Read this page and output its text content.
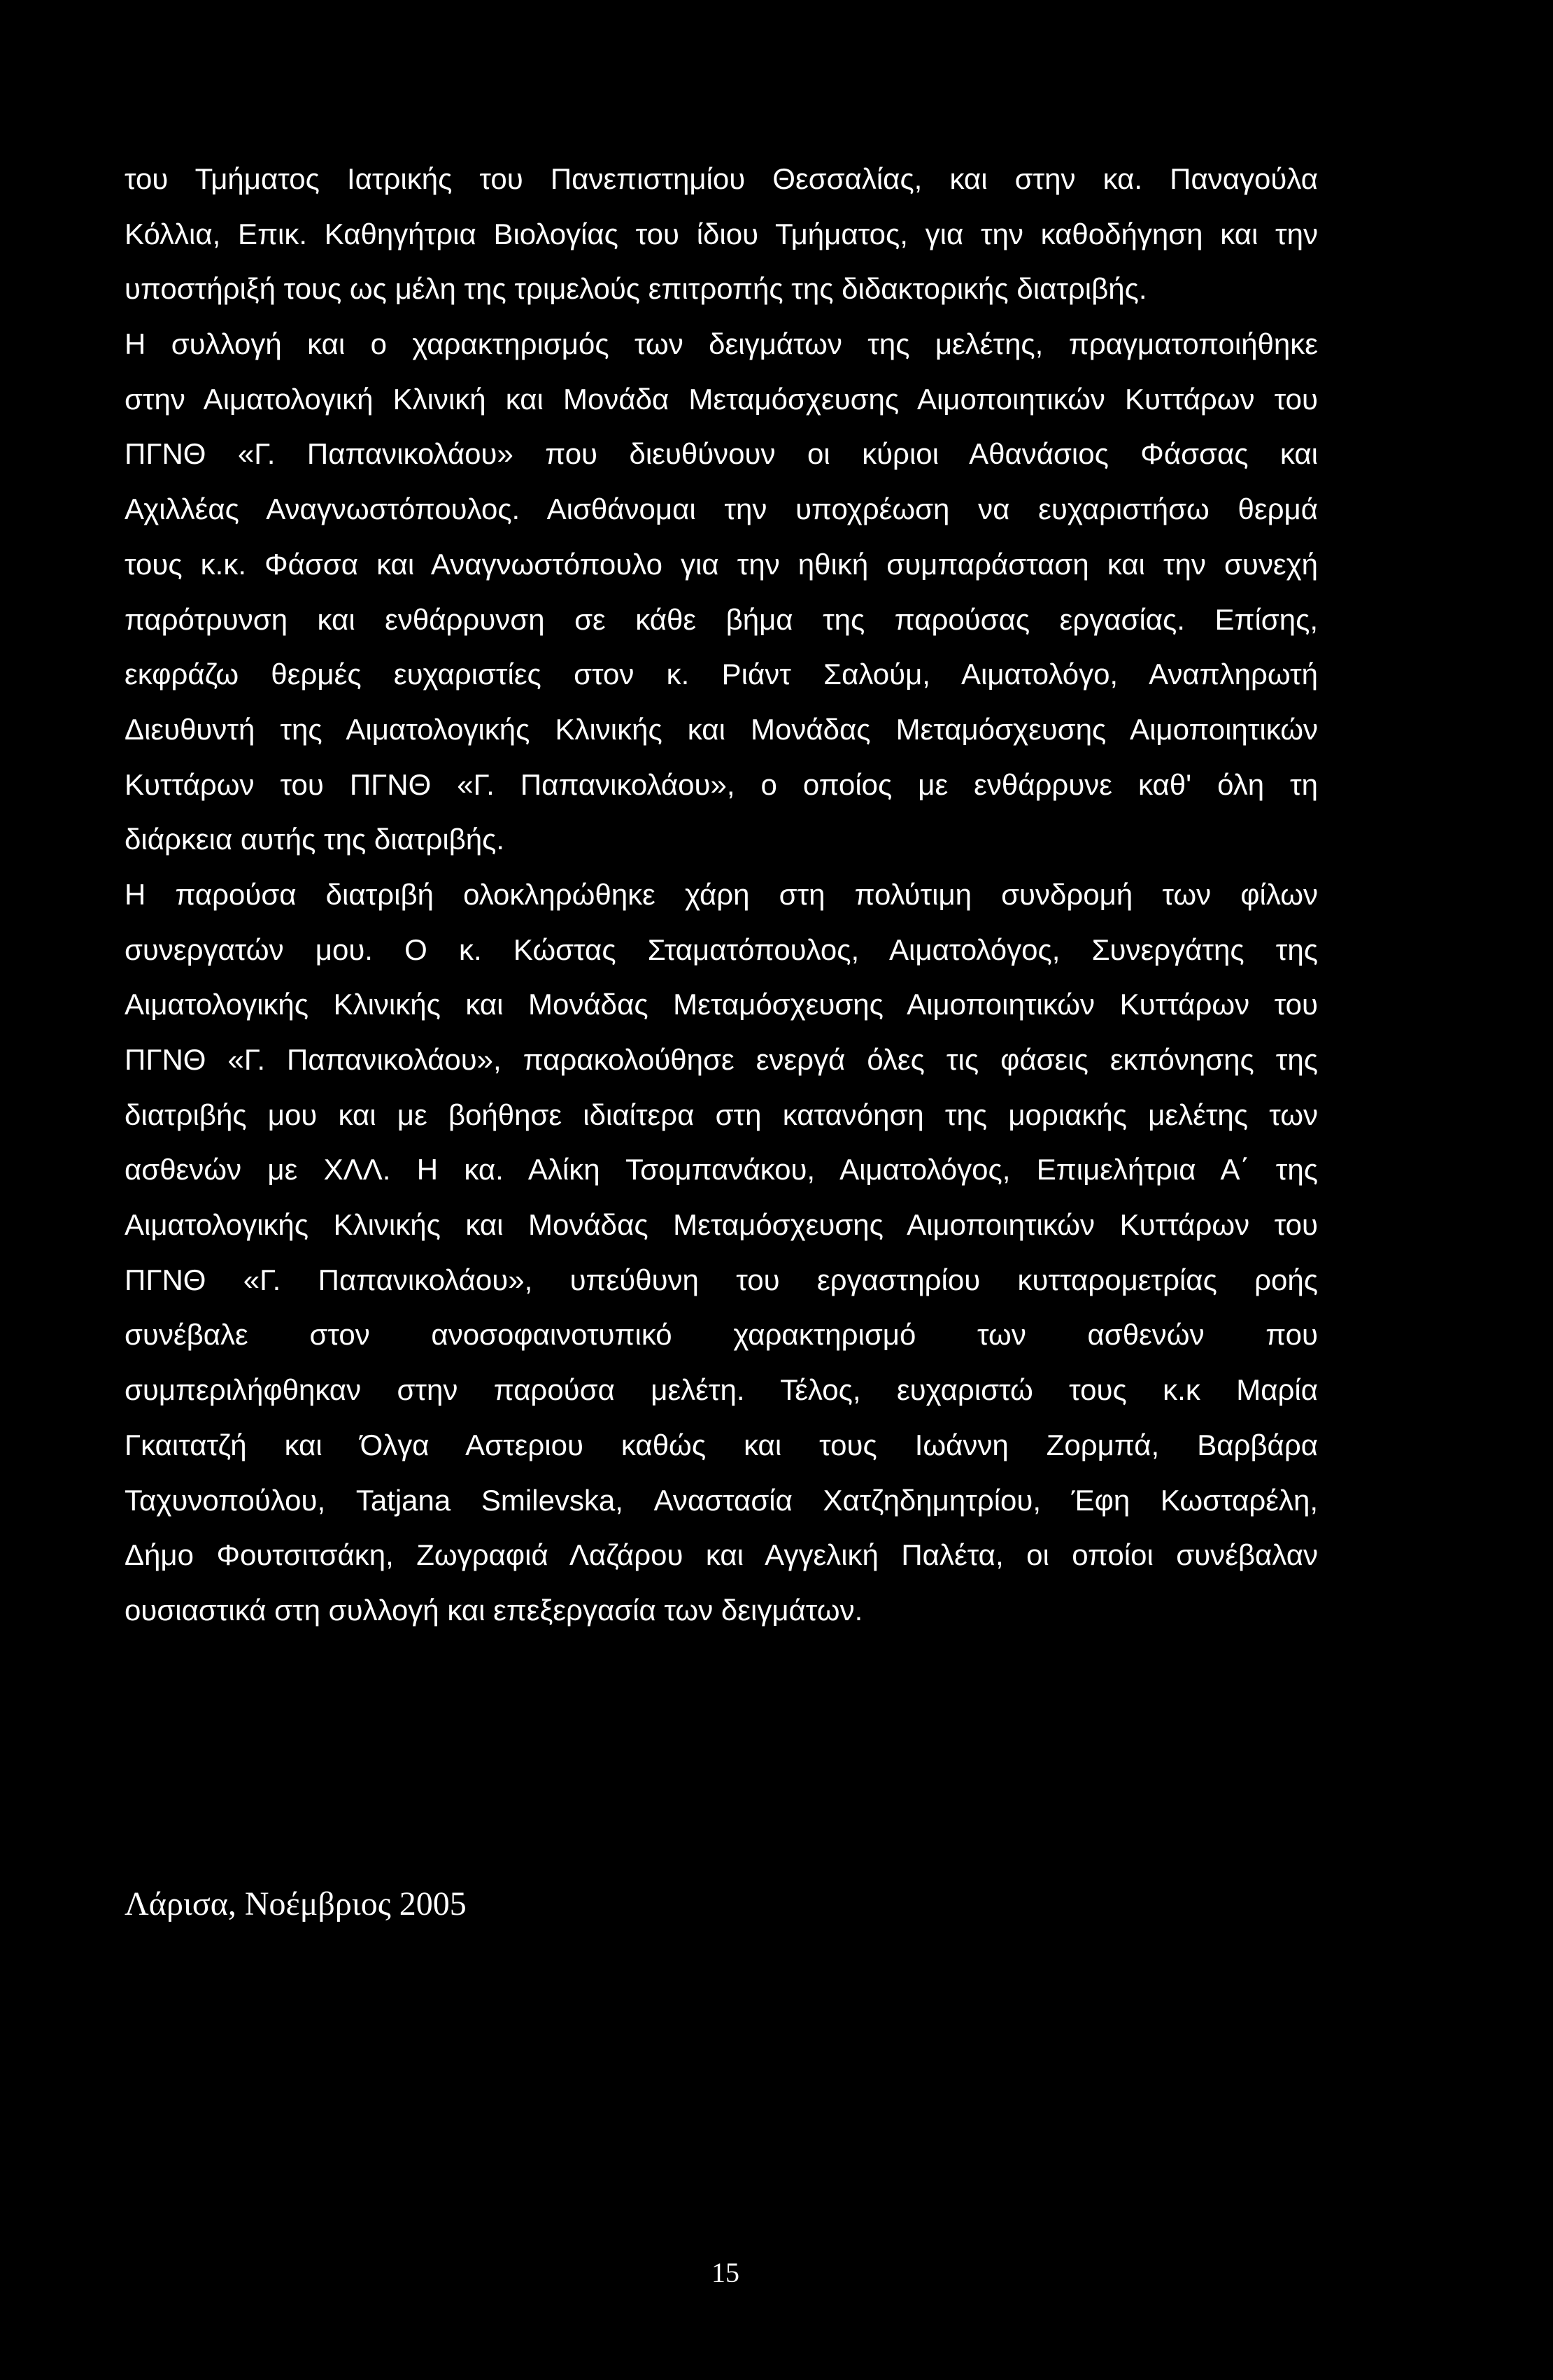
του Τμήματος Ιατρικής του Πανεπιστημίου Θεσσαλίας, και στην κα. Παναγούλα
Κόλλια, Επικ. Καθηγήτρια Βιολογίας του ίδιου Τμήματος, για την καθοδήγηση και την
υποστήριξή τους ως μέλη της τριμελούς επιτροπής της διδακτορικής διατριβής.
Η συλλογή και ο χαρακτηρισμός των δειγμάτων της μελέτης, πραγματοποιήθηκε
στην Αιματολογική Κλινική και Μονάδα Μεταμόσχευσης Αιμοποιητικών Κυττάρων του
ΠΓΝΘ «Γ. Παπανικολάου» που διευθύνουν οι κύριοι Αθανάσιος Φάσσας και
Αχιλλέας Αναγνωστόπουλος. Αισθάνομαι την υποχρέωση να ευχαριστήσω θερμά
τους κ.κ. Φάσσα και Αναγνωστόπουλο για την ηθική συμπαράσταση και την συνεχή
παρότρυνση και ενθάρρυνση σε κάθε βήμα της παρούσας εργασίας. Επίσης,
εκφράζω θερμές ευχαριστίες στον κ. Ριάντ Σαλούμ, Αιματολόγο, Αναπληρωτή
Διευθυντή της Αιματολογικής Κλινικής και Μονάδας Μεταμόσχευσης Αιμοποιητικών
Κυττάρων του ΠΓΝΘ «Γ. Παπανικολάου», ο οποίος με ενθάρρυνε καθ' όλη τη
διάρκεια αυτής της διατριβής.
Η παρούσα διατριβή ολοκληρώθηκε χάρη στη πολύτιμη συνδρομή των φίλων
συνεργατών μου. Ο κ. Κώστας Σταματόπουλος, Αιματολόγος, Συνεργάτης της
Αιματολογικής Κλινικής και Μονάδας Μεταμόσχευσης Αιμοποιητικών Κυττάρων του
ΠΓΝΘ «Γ. Παπανικολάου», παρακολούθησε ενεργά όλες τις φάσεις εκπόνησης της
διατριβής μου και με βοήθησε ιδιαίτερα στη κατανόηση της μοριακής μελέτης των
ασθενών με ΧΛΛ. Η κα. Αλίκη Τσομπανάκου, Αιματολόγος, Επιμελήτρια Α΄ της
Αιματολογικής Κλινικής και Μονάδας Μεταμόσχευσης Αιμοποιητικών Κυττάρων του
ΠΓΝΘ «Γ. Παπανικολάου», υπεύθυνη του εργαστηρίου κυτταρομετρίας ροής
συνέβαλε στον ανοσοφαινοτυπικό χαρακτηρισμό των ασθενών που
συμπεριλήφθηκαν στην παρούσα μελέτη. Τέλος, ευχαριστώ τους κ.κ Μαρία
Γκαιτατζή και Όλγα Αστεριου καθώς και τους Ιωάννη Ζορμπά, Βαρβάρα
Ταχυνοπούλου, Tatjana Smilevska, Αναστασία Χατζηδημητρίου, Έφη Κωσταρέλη,
Δήμο Φουτσιτσάκη, Ζωγραφιά Λαζάρου και Αγγελική Παλέτα, οι οποίοι συνέβαλαν
ουσιαστικά στη συλλογή και επεξεργασία των δειγμάτων.
Λάρισα, Νοέμβριος 2005
15
